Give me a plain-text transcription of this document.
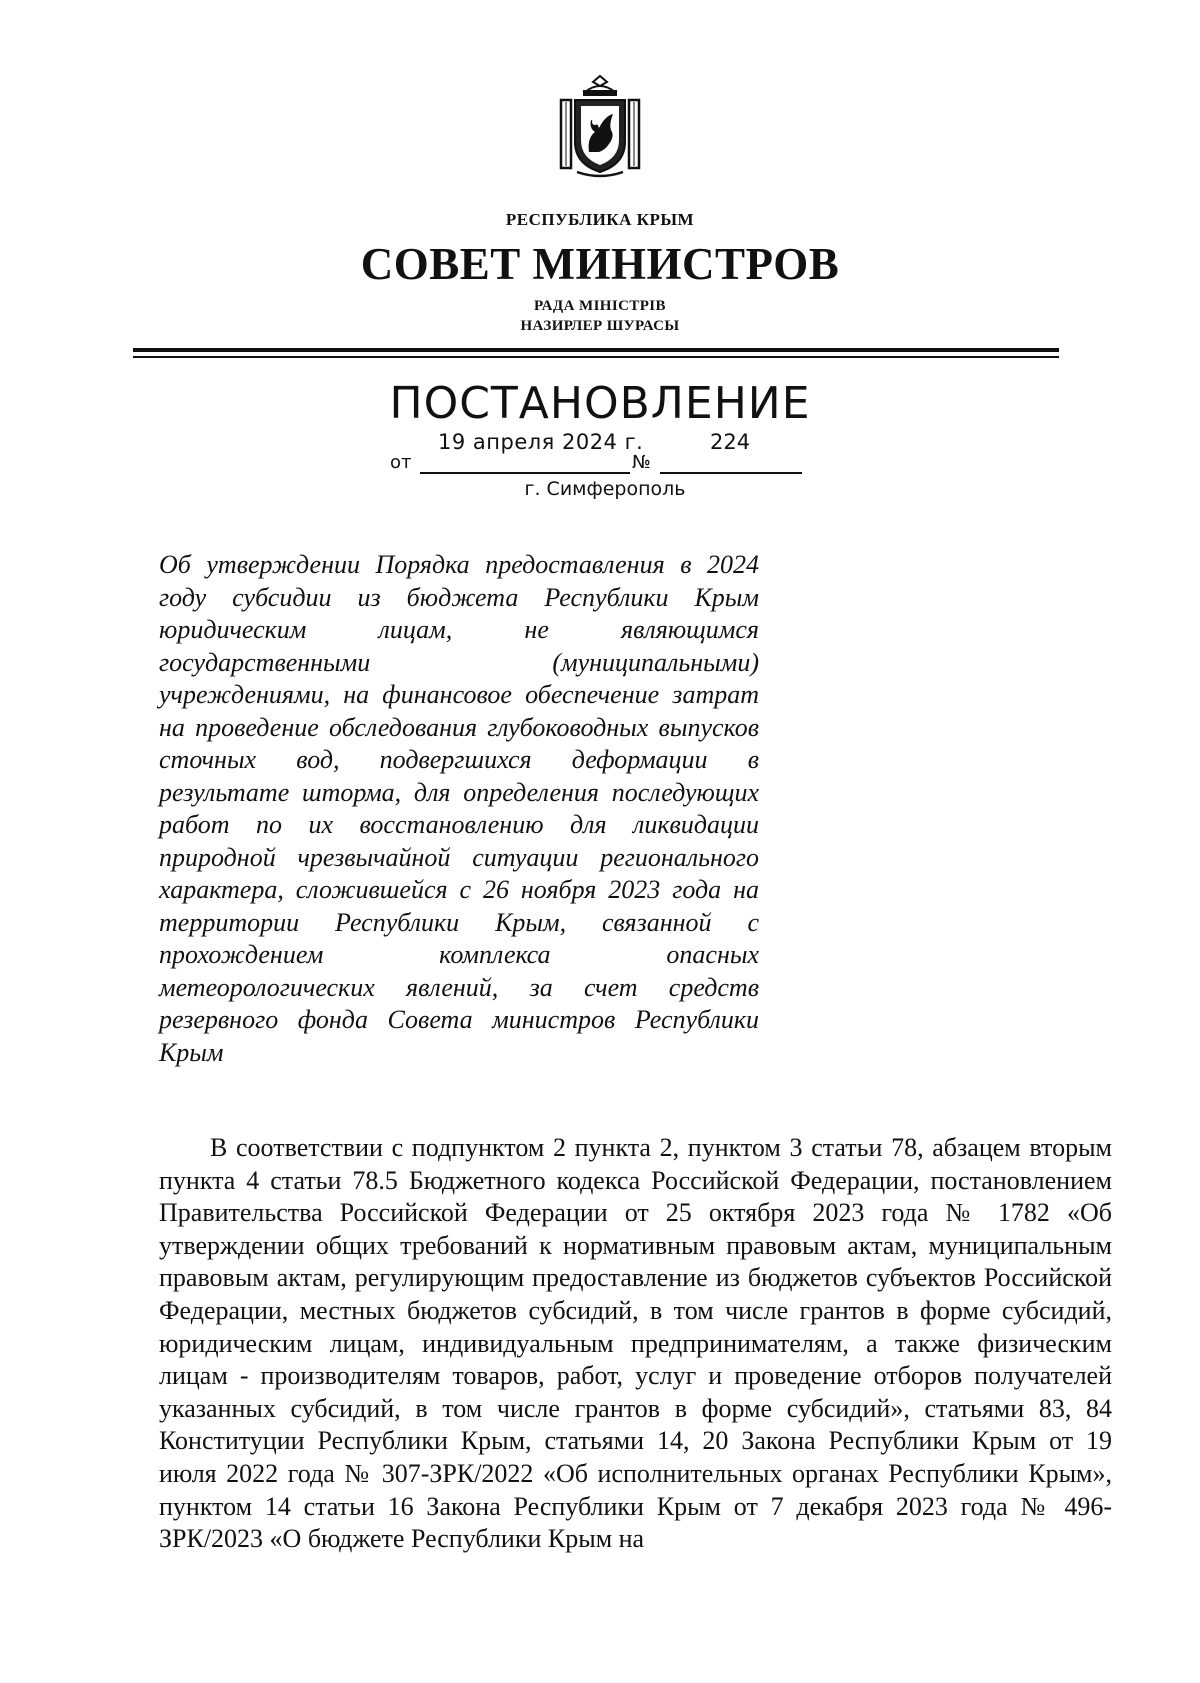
РЕСПУБЛИКА КРЫМ
СОВЕТ МИНИСТРОВ
РАДА МІНІСТРІВ
НАЗИРЛЕР ШУРАСЫ
ПОСТАНОВЛЕНИЕ
19 апреля 2024 г.	224
от	№
г. Симферополь
Об утверждении Порядка предоставления в 2024 году субсидии из бюджета Республики Крым юридическим лицам, не являющимся государственными (муниципальными) учреждениями, на финансовое обеспечение затрат на проведение обследования глубоководных выпусков сточных вод, подвергшихся деформации в результате шторма, для определения последующих работ по их восстановлению для ликвидации природной чрезвычайной ситуации регионального характера, сложившейся с 26 ноября 2023 года на территории Республики Крым, связанной с прохождением комплекса опасных метеорологических явлений, за счет средств резервного фонда Совета министров Республики Крым
В соответствии с подпунктом 2 пункта 2, пунктом 3 статьи 78, абзацем вторым пункта 4 статьи 78.5 Бюджетного кодекса Российской Федерации, постановлением Правительства Российской Федерации от 25 октября 2023 года № 1782 «Об утверждении общих требований к нормативным правовым актам, муниципальным правовым актам, регулирующим предоставление из бюджетов субъектов Российской Федерации, местных бюджетов субсидий, в том числе грантов в форме субсидий, юридическим лицам, индивидуальным предпринимателям, а также физическим лицам - производителям товаров, работ, услуг и проведение отборов получателей указанных субсидий, в том числе грантов в форме субсидий», статьями 83, 84 Конституции Республики Крым, статьями 14, 20 Закона Республики Крым от 19 июля 2022 года № 307-ЗРК/2022 «Об исполнительных органах Республики Крым», пунктом 14 статьи 16 Закона Республики Крым от 7 декабря 2023 года № 496-ЗРК/2023 «О бюджете Республики Крым на
